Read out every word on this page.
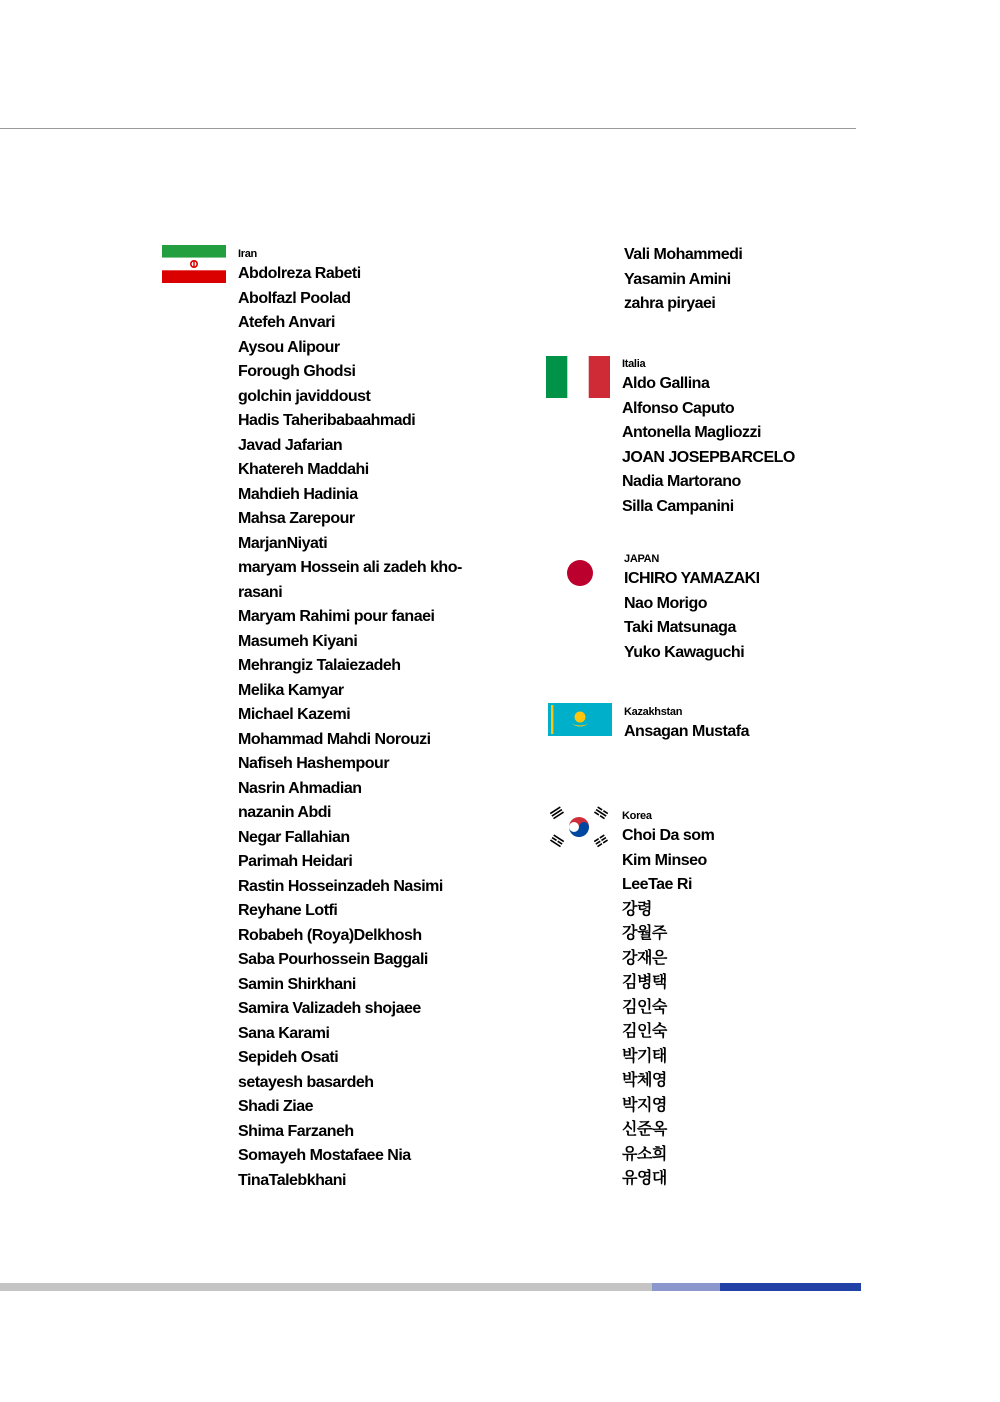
Iran
Abdolreza Rabeti
Abolfazl Poolad
Atefeh Anvari
Aysou Alipour
Forough Ghodsi
golchin javiddoust
Hadis Taheribabaahmadi
Javad Jafarian
Khatereh Maddahi
Mahdieh Hadinia
Mahsa Zarepour
MarjanNiyati
maryam Hossein ali zadeh kho-
rasani
Maryam Rahimi pour fanaei
Masumeh Kiyani
Mehrangiz Talaiezadeh
Melika Kamyar
Michael Kazemi
Mohammad Mahdi Norouzi
Nafiseh Hashempour
Nasrin Ahmadian
nazanin Abdi
Negar Fallahian
Parimah Heidari
Rastin Hosseinzadeh Nasimi
Reyhane Lotfi
Robabeh (Roya)Delkhosh
Saba Pourhossein Baggali
Samin Shirkhani
Samira Valizadeh shojaee
Sana Karami
Sepideh Osati
setayesh basardeh
Shadi Ziae
Shima Farzaneh
Somayeh Mostafaee Nia
TinaTalebkhani
Vali Mohammedi
Yasamin Amini
zahra piryaei
Italia
Aldo Gallina
Alfonso Caputo
Antonella Magliozzi
JOAN JOSEPBARCELO
Nadia Martorano
Silla Campanini
JAPAN
ICHIRO YAMAZAKI
Nao Morigo
Taki Matsunaga
Yuko Kawaguchi
Kazakhstan
Ansagan Mustafa
Korea
Choi Da som
Kim Minseo
LeeTae Ri
강령
강월주
강재은
김병택
김인숙
김인숙
박기태
박체영
박지영
신준옥
유소희
유영대
